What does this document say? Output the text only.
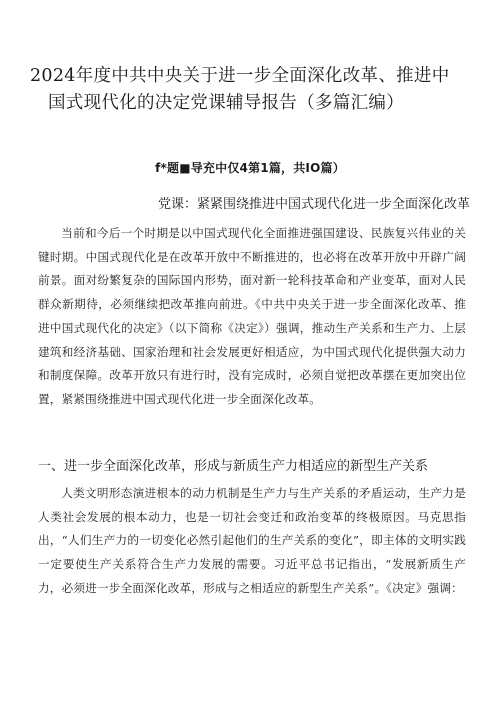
2024年度中共中央关于进一步全面深化改革、推进中
国式现代化的决定党课辅导报告（多篇汇编）
f*题■导充中仅4第1篇，共IO篇）
党课：紧紧围绕推进中国式现代化进一步全面深化改革
当前和今后一个时期是以中国式现代化全面推进强国建设、民族复兴伟业的关键时期。中国式现代化是在改革开放中不断推进的，也必将在改革开放中开辟广阔前景。面对纷繁复杂的国际国内形势，面对新一轮科技革命和产业变革，面对人民群众新期待，必须继续把改革推向前进。《中共中央关于进一步全面深化改革、推进中国式现代化的决定》（以下简称《决定》）强调，推动生产关系和生产力、上层建筑和经济基础、国家治理和社会发展更好相适应，为中国式现代化提供强大动力和制度保障。改革开放只有进行时，没有完成时，必须自觉把改革摆在更加突出位置，紧紧围绕推进中国式现代化进一步全面深化改革。
一、进一步全面深化改革，形成与新质生产力相适应的新型生产关系
人类文明形态演进根本的动力机制是生产力与生产关系的矛盾运动，生产力是人类社会发展的根本动力，也是一切社会变迁和政治变革的终极原因。马克思指出，“人们生产力的一切变化必然引起他们的生产关系的变化”，即主体的文明实践一定要使生产关系符合生产力发展的需要。习近平总书记指出，“发展新质生产力，必须进一步全面深化改革，形成与之相适应的新型生产关系”。《决定》强调：
